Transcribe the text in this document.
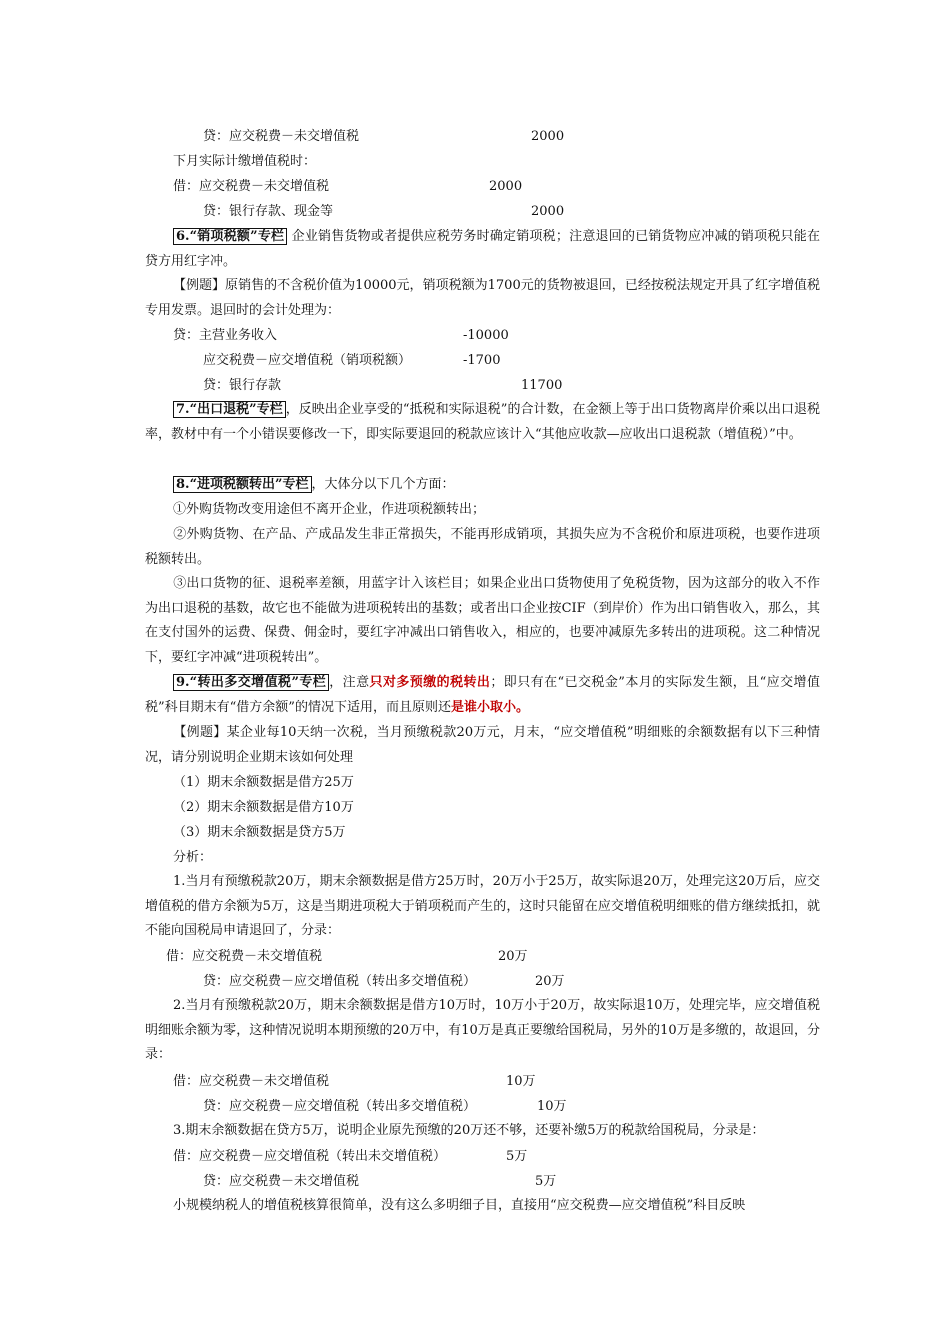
贷：应交税费－未交增值税	2000
下月实际计缴增值税时：
借：应交税费－未交增值税	2000
贷：银行存款、现金等	2000
6.“销项税额”专栏 企业销售货物或者提供应税劳务时确定销项税；注意退回的已销货物应冲减的销项税只能在贷方用红字冲。
【例题】原销售的不含税价值为10000元，销项税额为1700元的货物被退回，已经按税法规定开具了红字增值税专用发票。退回时的会计处理为：
贷：主营业务收入	-10000
应交税费－应交增值税（销项税额）	-1700
贷：银行存款	11700
7.“出口退税”专栏 ，反映出企业享受的“抵税和实际退税”的合计数，在金额上等于出口货物离岸价乘以出口退税率，教材中有一个小错误要修改一下，即实际要退回的税款应该计入“其他应收款—应收出口退税款（增值税）”中。
8.“进项税额转出”专栏 ，大体分以下几个方面：
①外购货物改变用途但不离开企业，作进项税额转出；
②外购货物、在产品、产成品发生非正常损失，不能再形成销项，其损失应为不含税价和原进项税，也要作进项税额转出。
③出口货物的征、退税率差额，用蓝字计入该栏目；如果企业出口货物使用了免税货物，因为这部分的收入不作为出口退税的基数，故它也不能做为进项税转出的基数；或者出口企业按CIF（到岸价）作为出口销售收入，那么，其在支付国外的运费、保费、佣金时，要红字冲减出口销售收入，相应的，也要冲减原先多转出的进项税。这二种情况下，要红字冲减“进项税转出”。
9.“转出多交增值税”专栏 ，注意只对多预缴的税转出；即只有在“已交税金”本月的实际发生额，且“应交增值税”科目期末有“借方余额”的情况下适用，而且原则还是谁小取小。
【例题】某企业每10天纳一次税，当月预缴税款20万元，月末，“应交增值税”明细账的余额数据有以下三种情况，请分别说明企业期末该如何处理
（1）期末余额数据是借方25万
（2）期末余额数据是借方10万
（3）期末余额数据是贷方5万
分析：
1.当月有预缴税款20万，期末余额数据是借方25万时，20万小于25万，故实际退20万，处理完这20万后，应交增值税的借方余额为5万，这是当期进项税大于销项税而产生的，这时只能留在应交增值税明细账的借方继续抵扣，就不能向国税局申请退回了，分录：
借：应交税费－未交增值税	20万
贷：应交税费－应交增值税（转出多交增值税）	20万
2.当月有预缴税款20万，期末余额数据是借方10万时，10万小于20万，故实际退10万，处理完毕，应交增值税明细账余额为零，这种情况说明本期预缴的20万中，有10万是真正要缴给国税局，另外的10万是多缴的，故退回，分录：
借：应交税费－未交增值税	10万
贷：应交税费－应交增值税（转出多交增值税）	10万
3.期末余额数据在贷方5万，说明企业原先预缴的20万还不够，还要补缴5万的税款给国税局，分录是：
借：应交税费－应交增值税（转出未交增值税）	5万
贷：应交税费－未交增值税	5万
小规模纳税人的增值税核算很简单，没有这么多明细子目，直接用“应交税费—应交增值税”科目反映
